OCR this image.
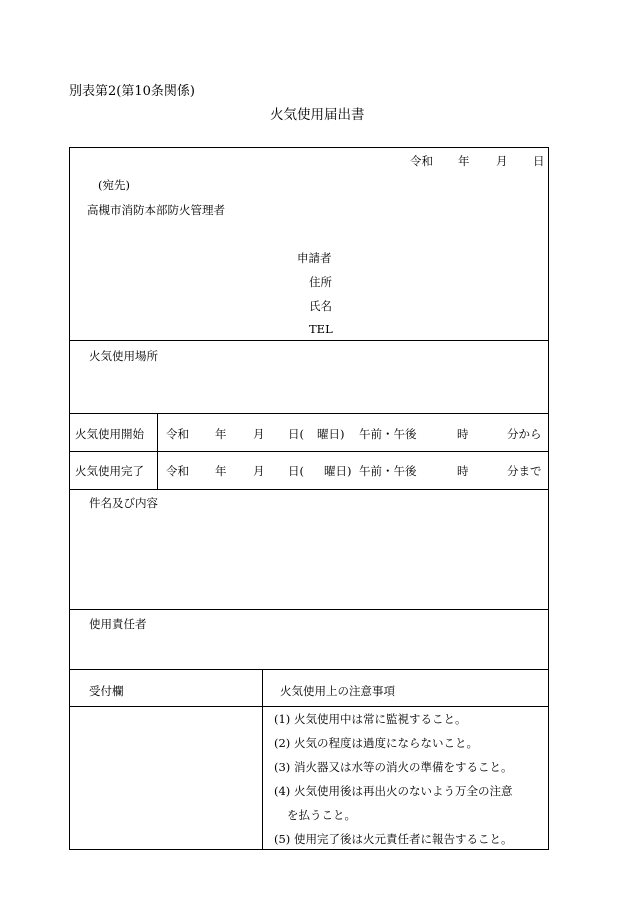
別表第2(第10条関係)
火気使用届出書
令和 年 月 日
(宛先)
高槻市消防本部防火管理者
申請者
住所
氏名
TEL
火気使用場所
火気使用開始 令和 年 月 日( 曜日) 午前・午後	時	分から
火気使用完了 令和 年 月 日( 曜日) 午前・午後	時	分まで
件名及び内容
使用責任者
受付欄	火気使用上の注意事項
(1) 火気使用中は常に監視すること。
(2) 火気の程度は過度にならないこと。
(3) 消火器又は水等の消火の準備をすること。
(4) 火気使用後は再出火のないよう万全の注意
を払うこと。
(5) 使用完了後は火元責任者に報告すること。
